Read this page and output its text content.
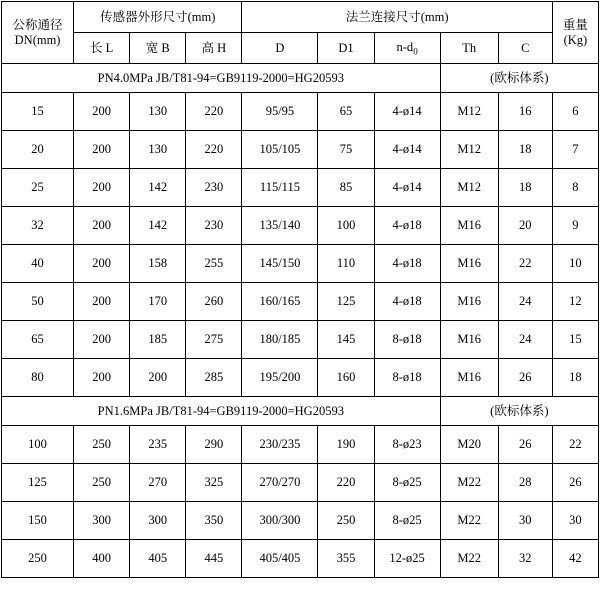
公称通径
DN(mm)	传感器外形尺寸(mm)			法兰连接尺寸(mm)					重量
(Kg)

	长 L	宽 B	高 H	D	D1	$n-d_0$	Th	C	
PN4.0MPa JB/T81-94=GB9119-2000=HG20593							(欧标体系)		
15	200	130	220	95/95	65	4-ø14	M12	16	6
20	200	130	220	105/105	75	4-ø14	M12	18	7
25	200	142	230	115/115	85	4-ø14	M12	18	8
32	200	142	230	135/140	100	4-ø18	M16	20	9
40	200	158	255	145/150	110	4-ø18	M16	22	10
50	200	170	260	160/165	125	4-ø18	M16	24	12
65	200	185	275	180/185	145	8-ø18	M16	24	15
80	200	200	285	195/200	160	8-ø18	M16	26	18
PN1.6MPa JB/T81-94=GB9119-2000=HG20593							(欧标体系)		
100	250	235	290	230/235	190	8-ø23	M20	26	22
125	250	270	325	270/270	220	8-ø25	M22	28	26
150	300	300	350	300/300	250	8-ø25	M22	30	30
250	400	405	445	405/405	355	12-ø25	M22	32	42
